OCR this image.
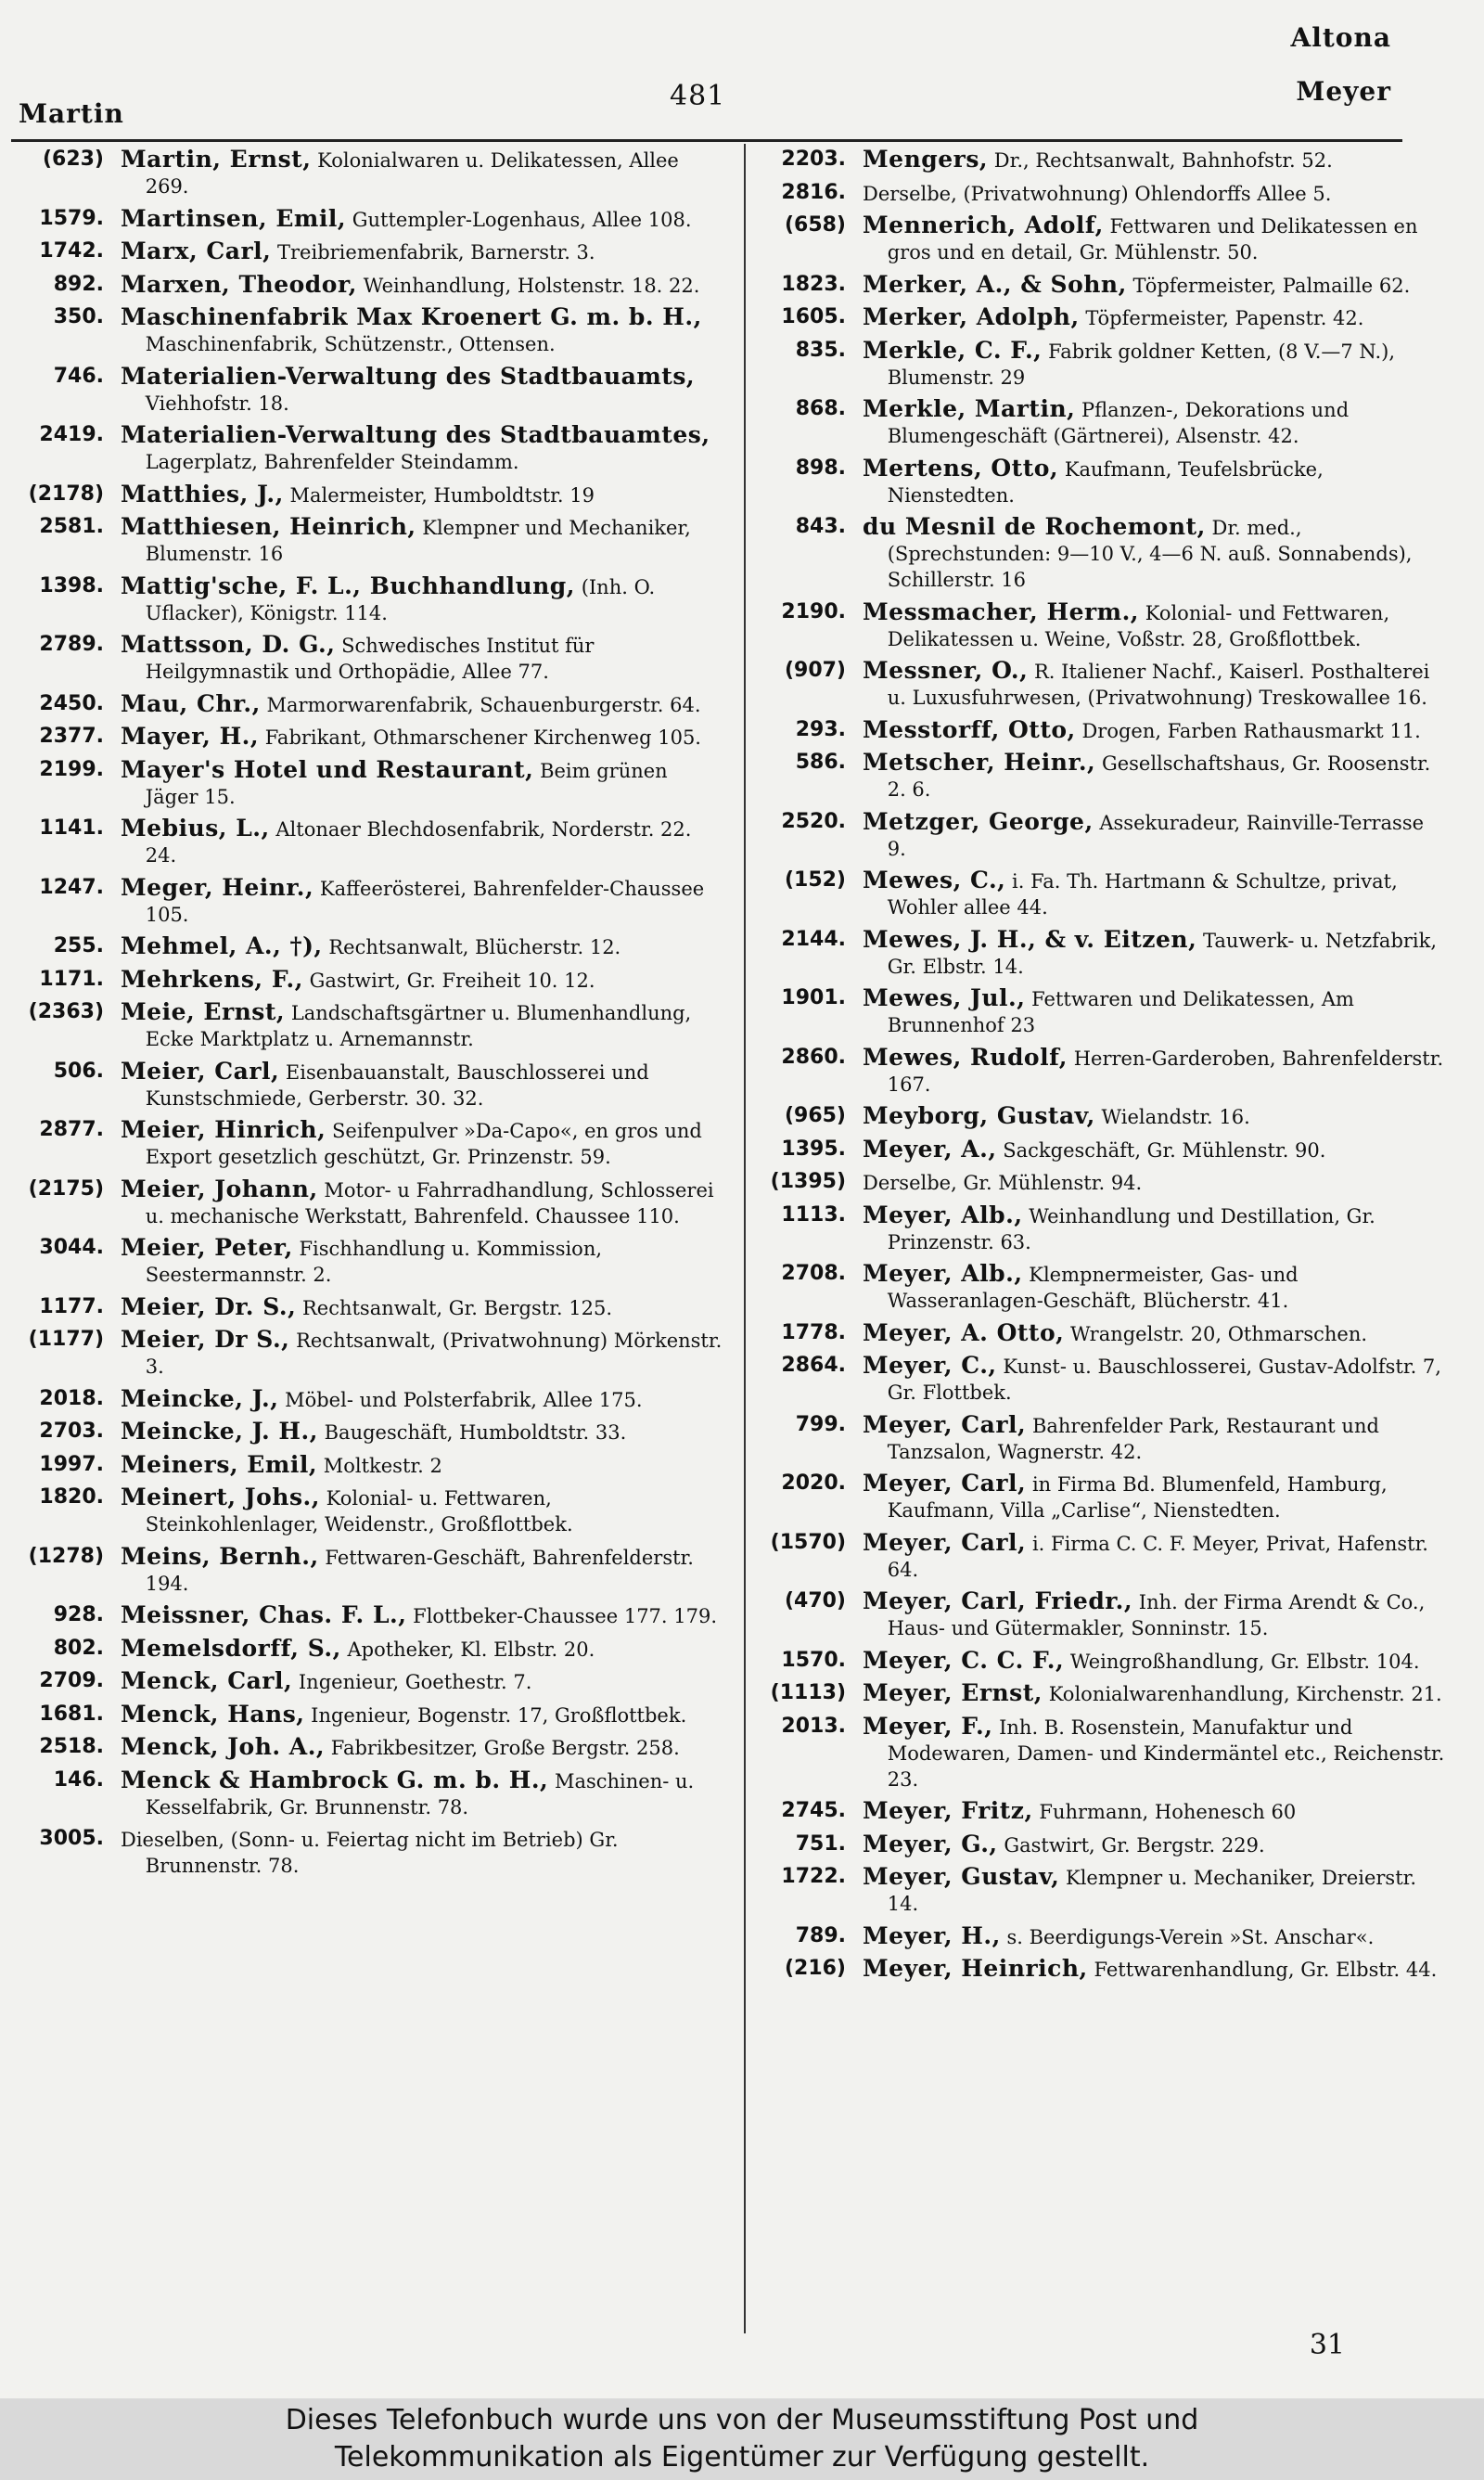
Altona
Martin
481	Meyer
(623) Martin, Ernst, Kolonialwaren u. Delikatessen, Allee 269.
1579. Martinsen, Emil, Guttempler-Logenhaus, Allee 108.
1742. Marx, Carl, Treibriemenfabrik, Barnerstr. 3.
892. Marxen, Theodor, Weinhandlung, Holstenstr. 18. 22.
350. Maschinenfabrik Max Kroenert G. m. b. H., Maschinenfabrik, Schützenstr., Ottensen.
746. Materialien-Verwaltung des Stadtbauamts, Viehhofstr. 18.
2419. Materialien-Verwaltung des Stadtbauamtes, Lagerplatz, Bahrenfelder Steindamm.
(2178) Matthies, J., Malermeister, Humboldtstr. 19
2581. Matthiesen, Heinrich, Klempner und Mechaniker, Blumenstr. 16
1398. Mattig'sche, F. L., Buchhandlung, (Inh. O. Uflacker), Königstr. 114.
2789. Mattsson, D. G., Schwedisches Institut für Heilgymnastik und Orthopädie, Allee 77.
2450. Mau, Chr., Marmorwarenfabrik, Schauenburgerstr. 64.
2377. Mayer, H., Fabrikant, Othmarschener Kirchenweg 105.
2199. Mayer's Hotel und Restaurant, Beim grünen Jäger 15.
1141. Mebius, L., Altonaer Blechdosenfabrik, Norderstr. 22. 24.
1247. Meger, Heinr., Kaffeerösterei, Bahrenfelder-Chaussee 105.
255. Mehmel, A., †), Rechtsanwalt, Blücherstr. 12.
1171. Mehrkens, F., Gastwirt, Gr. Freiheit 10. 12.
(2363) Meie, Ernst, Landschaftsgärtner u. Blumenhandlung, Ecke Marktplatz u. Arnemannstr.
506. Meier, Carl, Eisenbauanstalt, Bauschlosserei und Kunstschmiede, Gerberstr. 30. 32.
2877. Meier, Hinrich, Seifenpulver »Da-Capo«, en gros und Export gesetzlich geschützt, Gr. Prinzenstr. 59.
(2175) Meier, Johann, Motor- u Fahrradhandlung, Schlosserei u. mechanische Werkstatt, Bahrenfeld. Chaussee 110.
3044. Meier, Peter, Fischhandlung u. Kommission, Seestermannstr. 2.
1177. Meier, Dr. S., Rechtsanwalt, Gr. Bergstr. 125.
(1177) Meier, Dr S., Rechtsanwalt, (Privatwohnung) Mörkenstr. 3.
2018. Meincke, J., Möbel- und Polsterfabrik, Allee 175.
2703. Meincke, J. H., Baugeschäft, Humboldtstr. 33.
1997. Meiners, Emil, Moltkestr. 2
1820. Meinert, Johs., Kolonial- u. Fettwaren, Steinkohlenlager, Weidenstr., Großflottbek.
(1278) Meins, Bernh., Fettwaren-Geschäft, Bahrenfelderstr. 194.
928. Meissner, Chas. F. L., Flottbeker-Chaussee 177. 179.
802. Memelsdorff, S., Apotheker, Kl. Elbstr. 20.
2709. Menck, Carl, Ingenieur, Goethestr. 7.
1681. Menck, Hans, Ingenieur, Bogenstr. 17, Großflottbek.
2518. Menck, Joh. A., Fabrikbesitzer, Große Bergstr. 258.
146. Menck & Hambrock G. m. b. H., Maschinen- u. Kesselfabrik, Gr. Brunnenstr. 78.
3005. Dieselben, (Sonn- u. Feiertag nicht im Betrieb) Gr. Brunnenstr. 78.
2203. Mengers, Dr., Rechtsanwalt, Bahnhofstr. 52.
2816. Derselbe, (Privatwohnung) Ohlendorffs Allee 5.
(658) Mennerich, Adolf, Fettwaren und Delikatessen en gros und en detail, Gr. Mühlenstr. 50.
1823. Merker, A., & Sohn, Töpfermeister, Palmaille 62.
1605. Merker, Adolph, Töpfermeister, Papenstr. 42.
835. Merkle, C. F., Fabrik goldner Ketten, (8 V.—7 N.), Blumenstr. 29
868. Merkle, Martin, Pflanzen-, Dekorations und Blumengeschäft (Gärtnerei), Alsenstr. 42.
898. Mertens, Otto, Kaufmann, Teufelsbrücke, Nienstedten.
843. du Mesnil de Rochemont, Dr. med., (Sprechstunden: 9—10 V., 4—6 N. auß. Sonnabends), Schillerstr. 16
2190. Messmacher, Herm., Kolonial- und Fettwaren, Delikatessen u. Weine, Voßstr. 28, Großflottbek.
(907) Messner, O., R. Italiener Nachf., Kaiserl. Posthalterei u. Luxusfuhrwesen, (Privatwohnung) Treskowallee 16.
293. Messtorff, Otto, Drogen, Farben Rathausmarkt 11.
586. Metscher, Heinr., Gesellschaftshaus, Gr. Roosenstr. 2. 6.
2520. Metzger, George, Assekuradeur, Rainville-Terrasse 9.
(152) Mewes, C., i. Fa. Th. Hartmann & Schultze, privat, Wohler allee 44.
2144. Mewes, J. H., & v. Eitzen, Tauwerk- u. Netzfabrik, Gr. Elbstr. 14.
1901. Mewes, Jul., Fettwaren und Delikatessen, Am Brunnenhof 23
2860. Mewes, Rudolf, Herren-Garderoben, Bahrenfelderstr. 167.
(965) Meyborg, Gustav, Wielandstr. 16.
1395. Meyer, A., Sackgeschäft, Gr. Mühlenstr. 90.
(1395) Derselbe, Gr. Mühlenstr. 94.
1113. Meyer, Alb., Weinhandlung und Destillation, Gr. Prinzenstr. 63.
2708. Meyer, Alb., Klempnermeister, Gas- und Wasseranlagen-Geschäft, Blücherstr. 41.
1778. Meyer, A. Otto, Wrangelstr. 20, Othmarschen.
2864. Meyer, C., Kunst- u. Bauschlosserei, Gustav-Adolfstr. 7, Gr. Flottbek.
799. Meyer, Carl, Bahrenfelder Park, Restaurant und Tanzsalon, Wagnerstr. 42.
2020. Meyer, Carl, in Firma Bd. Blumenfeld, Hamburg, Kaufmann, Villa „Carlise“, Nienstedten.
(1570) Meyer, Carl, i. Firma C. C. F. Meyer, Privat, Hafenstr. 64.
(470) Meyer, Carl, Friedr., Inh. der Firma Arendt & Co., Haus- und Gütermakler, Sonninstr. 15.
1570. Meyer, C. C. F., Weingroßhandlung, Gr. Elbstr. 104.
(1113) Meyer, Ernst, Kolonialwarenhandlung, Kirchenstr. 21.
2013. Meyer, F., Inh. B. Rosenstein, Manufaktur und Modewaren, Damen- und Kindermäntel etc., Reichenstr. 23.
2745. Meyer, Fritz, Fuhrmann, Hohenesch 60
751. Meyer, G., Gastwirt, Gr. Bergstr. 229.
1722. Meyer, Gustav, Klempner u. Mechaniker, Dreierstr. 14.
789. Meyer, H., s. Beerdigungs-Verein »St. Anschar«.
(216) Meyer, Heinrich, Fettwarenhandlung, Gr. Elbstr. 44.
31
Dieses Telefonbuch wurde uns von der Museumsstiftung Post und
Telekommunikation als Eigentümer zur Verfügung gestellt.
